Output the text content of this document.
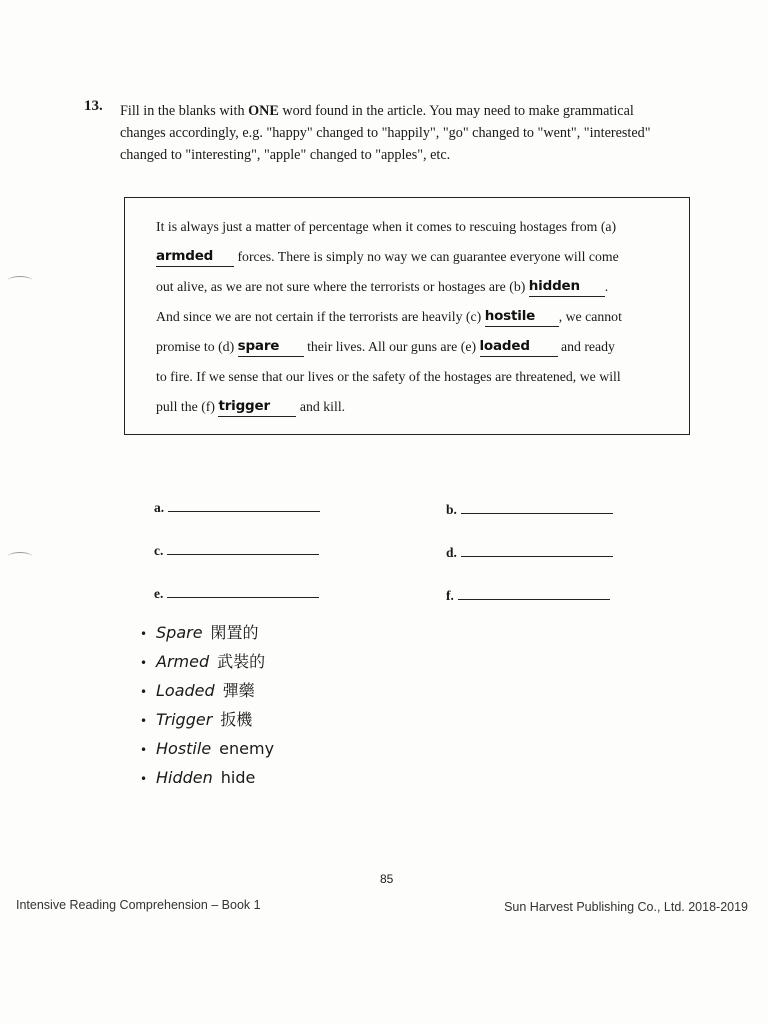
13. Fill in the blanks with ONE word found in the article. You may need to make grammatical
changes accordingly, e.g. "happy" changed to "happily", "go" changed to "went", "interested"
changed to "interesting", "apple" changed to "apples", etc.
It is always just a matter of percentage when it comes to rescuing hostages from (a)
armded forces. There is simply no way we can guarantee everyone will come
out alive, as we are not sure where the terrorists or hostages are (b) hidden .
And since we are not certain if the terrorists are heavily (c) hostile , we cannot
promise to (d) spare their lives. All our guns are (e) loaded and ready
to fire. If we sense that our lives or the safety of the hostages are threatened, we will
pull the (f) trigger and kill.
a.	b.
c.	d.
e.	f.
• Spare 閑置的
• Armed 武裝的
• Loaded 彈藥
• Trigger 扳機
• Hostile enemy
• Hidden hide
85
Intensive Reading Comprehension – Book 1	Sun Harvest Publishing Co., Ltd. 2018-2019
